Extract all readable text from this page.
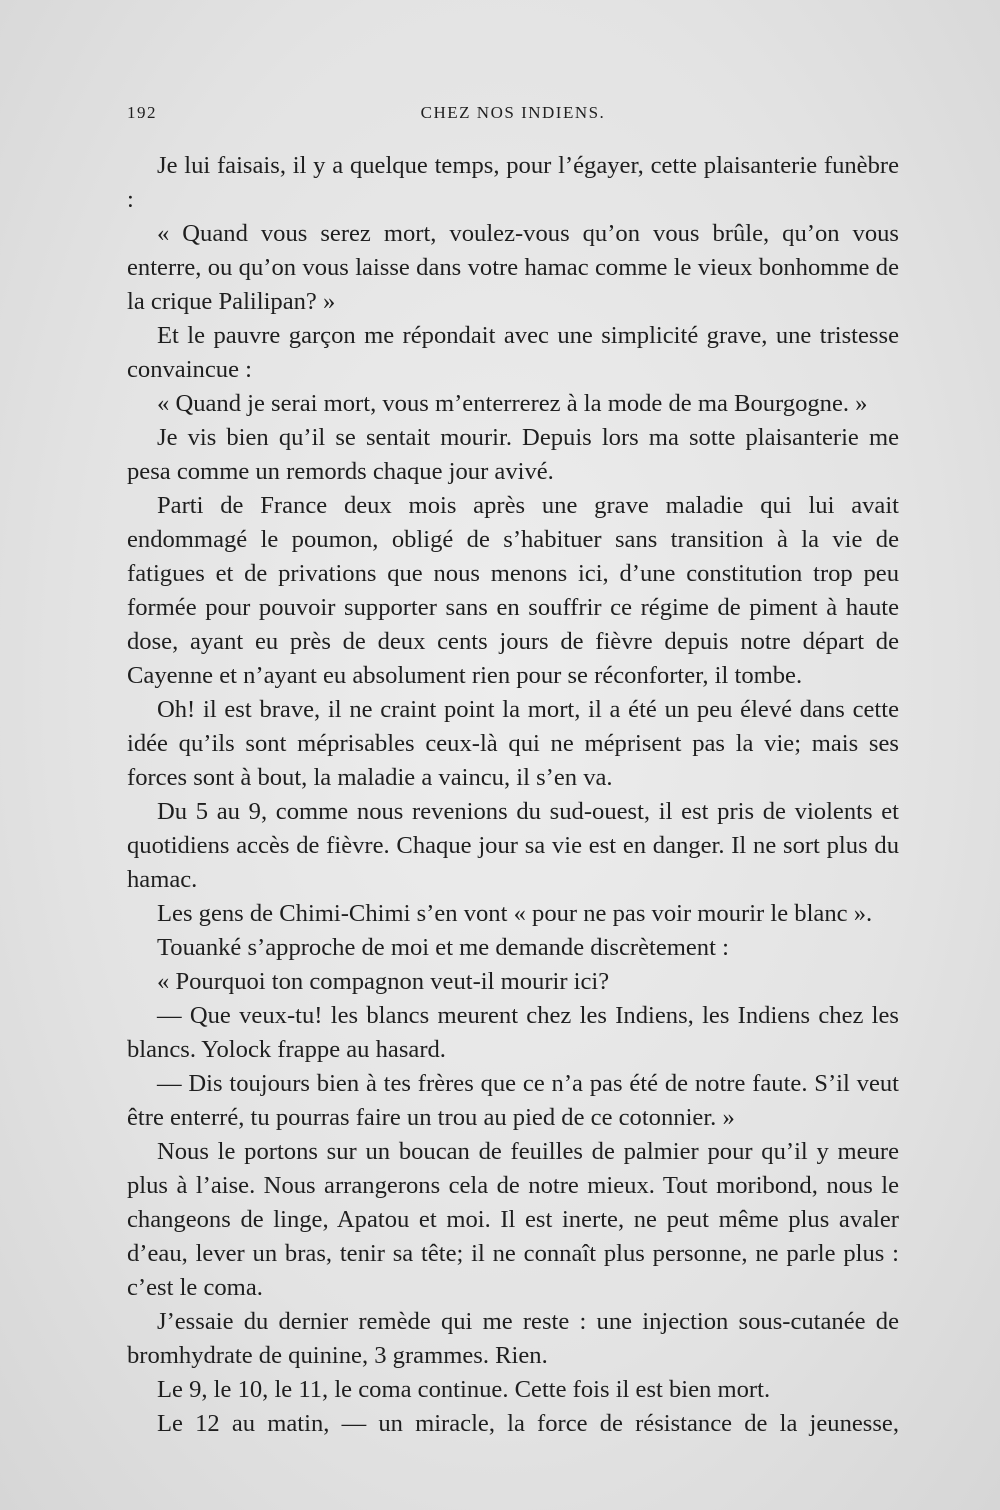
192	CHEZ NOS INDIENS.

Je lui faisais, il y a quelque temps, pour l’égayer, cette plaisanterie funèbre :

« Quand vous serez mort, voulez-vous qu’on vous brûle, qu’on vous enterre, ou qu’on vous laisse dans votre hamac comme le vieux bonhomme de la crique Palilipan? »

Et le pauvre garçon me répondait avec une simplicité grave, une tristesse convaincue :

« Quand je serai mort, vous m’enterrerez à la mode de ma Bourgogne. »

Je vis bien qu’il se sentait mourir. Depuis lors ma sotte plaisanterie me pesa comme un remords chaque jour avivé.

Parti de France deux mois après une grave maladie qui lui avait endommagé le poumon, obligé de s’habituer sans transition à la vie de fatigues et de privations que nous menons ici, d’une constitution trop peu formée pour pouvoir supporter sans en souffrir ce régime de piment à haute dose, ayant eu près de deux cents jours de fièvre depuis notre départ de Cayenne et n’ayant eu absolument rien pour se réconforter, il tombe.

Oh! il est brave, il ne craint point la mort, il a été un peu élevé dans cette idée qu’ils sont méprisables ceux-là qui ne méprisent pas la vie; mais ses forces sont à bout, la maladie a vaincu, il s’en va.

Du 5 au 9, comme nous revenions du sud-ouest, il est pris de violents et quotidiens accès de fièvre. Chaque jour sa vie est en danger. Il ne sort plus du hamac.

Les gens de Chimi-Chimi s’en vont « pour ne pas voir mourir le blanc ».

Touanké s’approche de moi et me demande discrètement :

« Pourquoi ton compagnon veut-il mourir ici?

— Que veux-tu! les blancs meurent chez les Indiens, les Indiens chez les blancs. Yolock frappe au hasard.

— Dis toujours bien à tes frères que ce n’a pas été de notre faute. S’il veut être enterré, tu pourras faire un trou au pied de ce cotonnier. »

Nous le portons sur un boucan de feuilles de palmier pour qu’il y meure plus à l’aise. Nous arrangerons cela de notre mieux. Tout moribond, nous le changeons de linge, Apatou et moi. Il est inerte, ne peut même plus avaler d’eau, lever un bras, tenir sa tête; il ne connaît plus personne, ne parle plus : c’est le coma.

J’essaie du dernier remède qui me reste : une injection sous-cutanée de bromhydrate de quinine, 3 grammes. Rien.

Le 9, le 10, le 11, le coma continue. Cette fois il est bien mort.

Le 12 au matin, — un miracle, la force de résistance de la jeunesse,
